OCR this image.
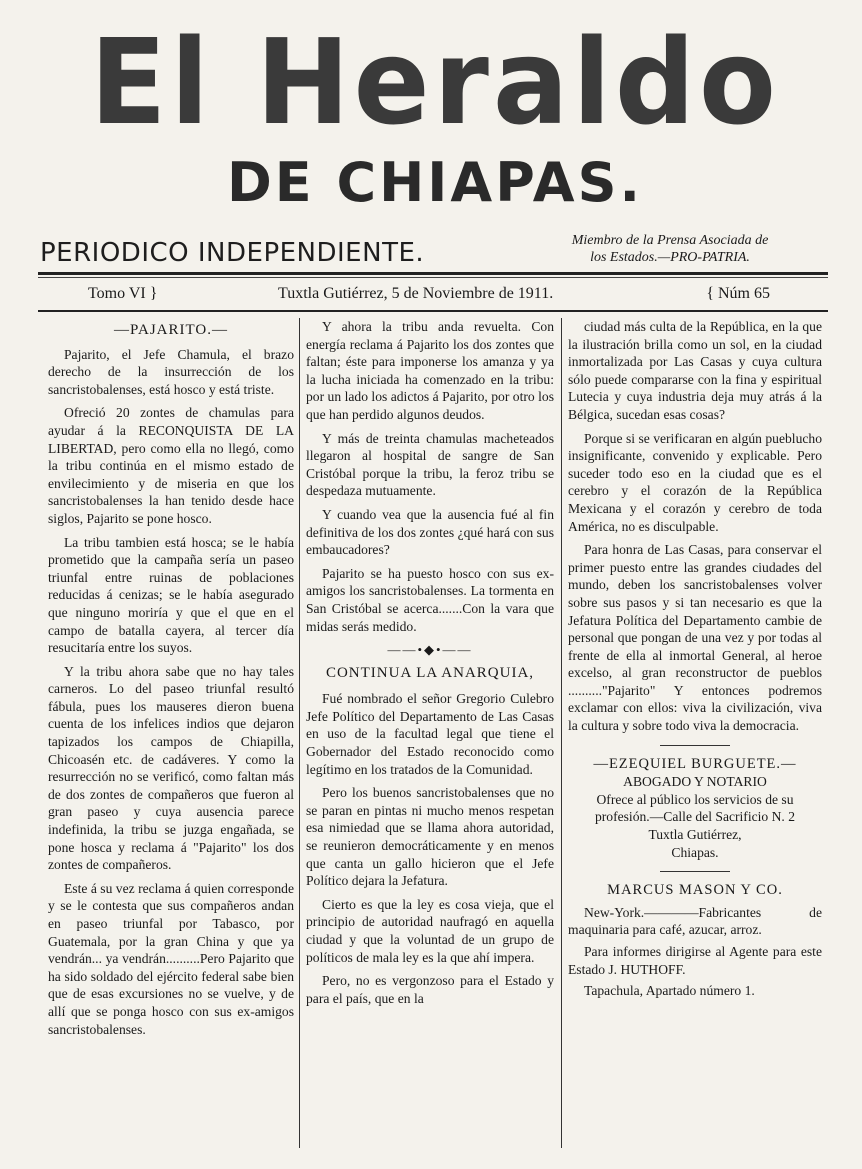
El Heraldo
DE CHIAPAS.
PERIODICO INDEPENDIENTE.	Miembro de la Prensa Asociada de
los Estados.—PRO-PATRIA.
Tomo VI }	Tuxtla Gutiérrez, 5 de Noviembre de 1911.	{ Núm 65
—PAJARITO.—

Pajarito, el Jefe Chamula, el brazo derecho de la insurrección de los sancristobalenses, está hosco y está triste.

Ofreció 20 zontes de chamulas para ayudar á la RECONQUISTA DE LA LIBERTAD, pero como ella no llegó, como la tribu continúa en el mismo estado de envilecimiento y de miseria en que los sancristobalenses la han tenido desde hace siglos, Pajarito se pone hosco.

La tribu tambien está hosca; se le había prometido que la campaña sería un paseo triunfal entre ruinas de poblaciones reducidas á cenizas; se le había asegurado que ninguno moriría y que el que en el campo de batalla cayera, al tercer día resucitaría entre los suyos.

Y la tribu ahora sabe que no hay tales carneros. Lo del paseo triunfal resultó fábula, pues los mauseres dieron buena cuenta de los infelices indios que dejaron tapizados los campos de Chiapilla, Chicoasén etc. de cadáveres. Y como la resurrección no se verificó, como faltan más de dos zontes de compañeros que fueron al gran paseo y cuya ausencia parece indefinida, la tribu se juzga engañada, se pone hosca y reclama á "Pajarito" los dos zontes de compañeros.

Este á su vez reclama á quien corresponde y se le contesta que sus compañeros andan en paseo triunfal por Tabasco, por Guatemala, por la gran China y que ya vendrán... ya vendrán..........Pero Pajarito que ha sido soldado del ejército federal sabe bien que de esas excursiones no se vuelve, y de allí que se ponga hosco con sus ex-amigos sancristobalenses.

Y ahora la tribu anda revuelta. Con energía reclama á Pajarito los dos zontes que faltan; éste para imponerse los amanza y ya la lucha iniciada ha comenzado en la tribu: por un lado los adictos á Pajarito, por otro los que han perdido algunos deudos.

Y más de treinta chamulas macheteados llegaron al hospital de sangre de San Cristóbal porque la tribu, la feroz tribu se despedaza mutuamente.

Y cuando vea que la ausencia fué al fin definitiva de los dos zontes ¿qué hará con sus embaucadores?

Pajarito se ha puesto hosco con sus ex-amigos los sancristobalenses. La tormenta en San Cristóbal se acerca.......Con la vara que midas serás medido.

——•◆•——
CONTINUA LA ANARQUIA,

Fué nombrado el señor Gregorio Culebro Jefe Político del Departamento de Las Casas en uso de la facultad legal que tiene el Gobernador del Estado reconocido como legítimo en los tratados de la Comunidad.

Pero los buenos sancristobalenses que no se paran en pintas ni mucho menos respetan esa nimiedad que se llama ahora autoridad, se reunieron democráticamente y en menos que canta un gallo hicieron que el Jefe Político dejara la Jefatura.

Cierto es que la ley es cosa vieja, que el principio de autoridad naufragó en aquella ciudad y que la voluntad de un grupo de políticos de mala ley es la que ahí impera.

Pero, no es vergonzoso para el Estado y para el país, que en la

ciudad más culta de la República, en la que la ilustración brilla como un sol, en la ciudad inmortalizada por Las Casas y cuya cultura sólo puede compararse con la fina y espiritual Lutecia y cuya industria deja muy atrás á la Bélgica, sucedan esas cosas?

Porque si se verificaran en algún pueblucho insignificante, convenido y explicable. Pero suceder todo eso en la ciudad que es el cerebro y el corazón de la República Mexicana y el corazón y cerebro de toda América, no es disculpable.

Para honra de Las Casas, para conservar el primer puesto entre las grandes ciudades del mundo, deben los sancristobalenses volver sobre sus pasos y si tan necesario es que la Jefatura Política del Departamento cambie de personal que pongan de una vez y por todas al frente de ella al inmortal General, al heroe excelso, al gran reconstructor de pueblos .........."Pajarito" Y entonces podremos exclamar con ellos: viva la civilización, viva la cultura y sobre todo viva la democracia.

—EZEQUIEL BURGUETE.—
ABOGADO Y NOTARIO
Ofrece al público los servicios de su profesión.—Calle del Sacrificio N. 2
Tuxtla Gutiérrez,
Chiapas.
MARCUS MASON Y CO.
New-York.————Fabricantes de maquinaria para café, azucar, arroz.
Para informes dirigirse al Agente para este Estado J. HUTHOFF.
Tapachula, Apartado número 1.
